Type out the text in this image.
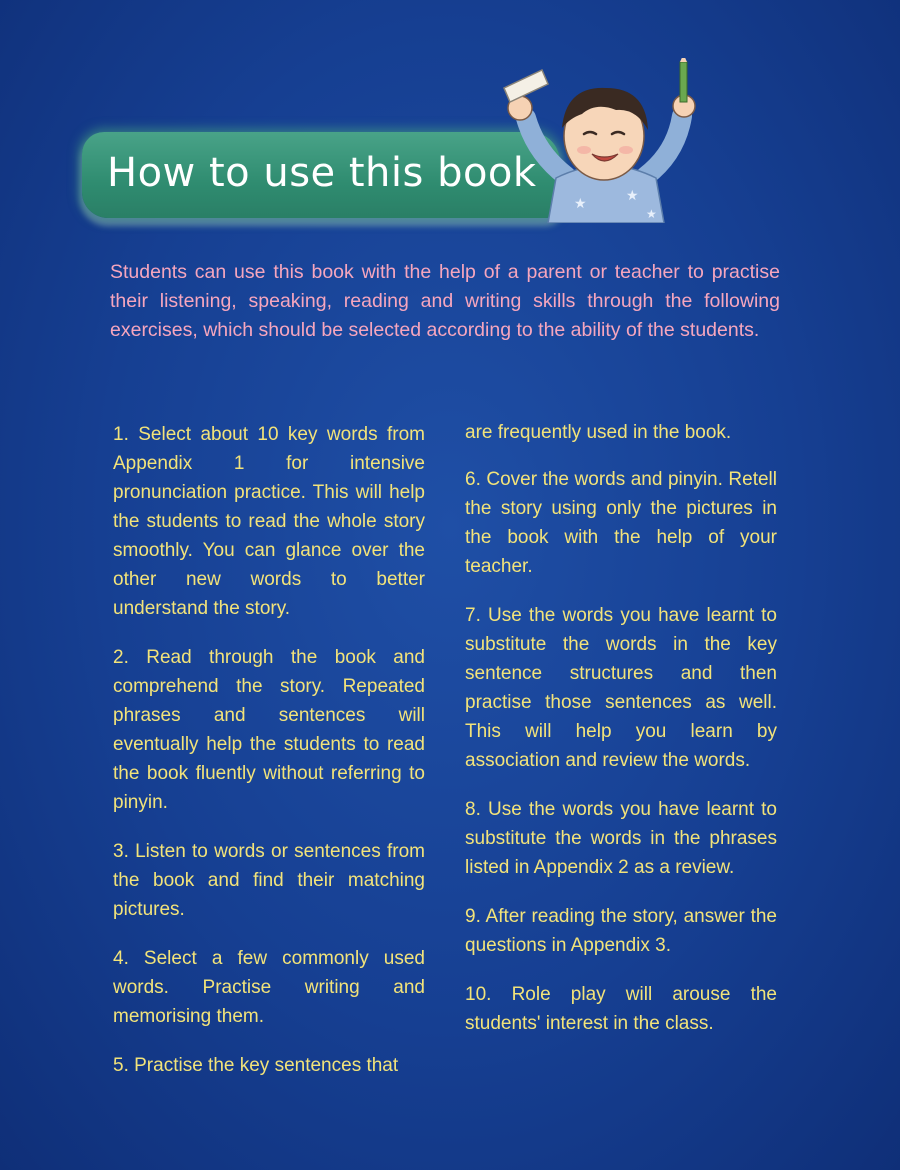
How to use this book
★	★
★

Students can use this book with the help of a parent or teacher to practise their listening, speaking, reading and writing skills through the following exercises, which should be selected according to the ability of the students.

1. Select about 10 key words from Appendix 1 for intensive pronunciation practice. This will help the students to read the whole story smoothly. You can glance over the other new words to better understand the story.

2. Read through the book and comprehend the story. Repeated phrases and sentences will eventually help the students to read the book fluently without referring to pinyin.

3. Listen to words or sentences from the book and find their matching pictures.

4. Select a few commonly used words. Practise writing and memorising them.

5. Practise the key sentences that

are frequently used in the book.

6. Cover the words and pinyin. Retell the story using only the pictures in the book with the help of your teacher.

7. Use the words you have learnt to substitute the words in the key sentence structures and then practise those sentences as well. This will help you learn by association and review the words.

8. Use the words you have learnt to substitute the words in the phrases listed in Appendix 2 as a review.

9. After reading the story, answer the questions in Appendix 3.

10. Role play will arouse the students' interest in the class.
